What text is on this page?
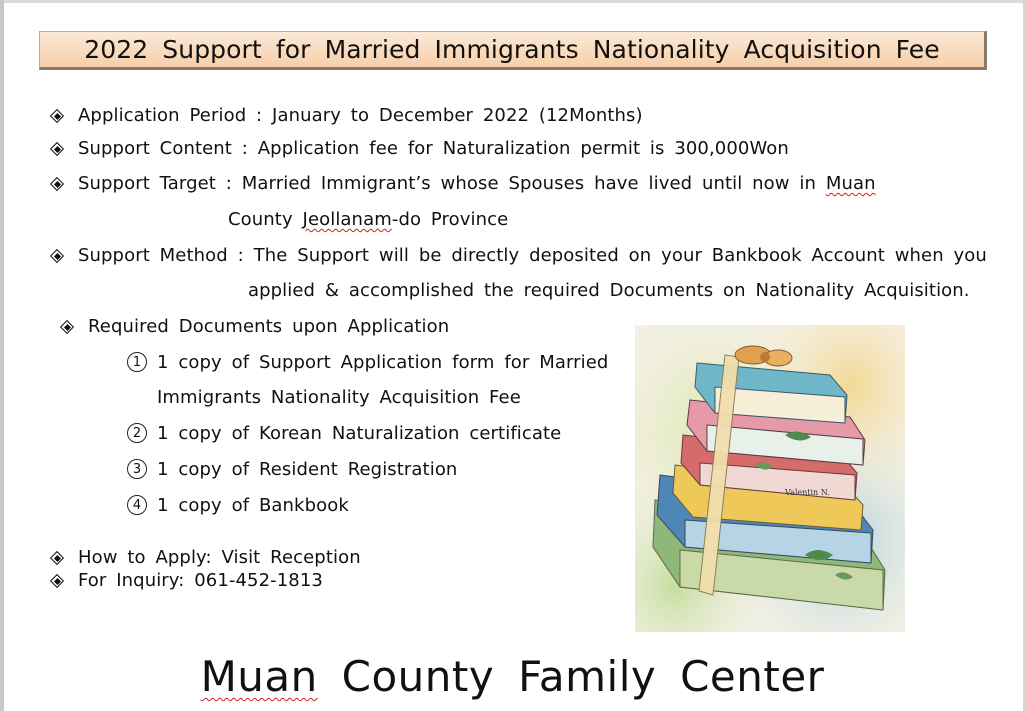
2022 Support for Married Immigrants Nationality Acquisition Fee
Application Period : January to December 2022 (12Months)
Support Content : Application fee for Naturalization permit is 300,000Won
Support Target : Married Immigrant’s whose Spouses have lived until now in Muan
County Jeollanam-do Province
Support Method : The Support will be directly deposited on your Bankbook Account when you
applied & accomplished the required Documents on Nationality Acquisition.
Required Documents upon Application
1 1 copy of Support Application form for Married
Immigrants Nationality Acquisition Fee
2 1 copy of Korean Naturalization certificate
3 1 copy of Resident Registration
4 1 copy of Bankbook
How to Apply: Visit Reception
For Inquiry: 061-452-1813
Valentin N.
Muan County Family Center
